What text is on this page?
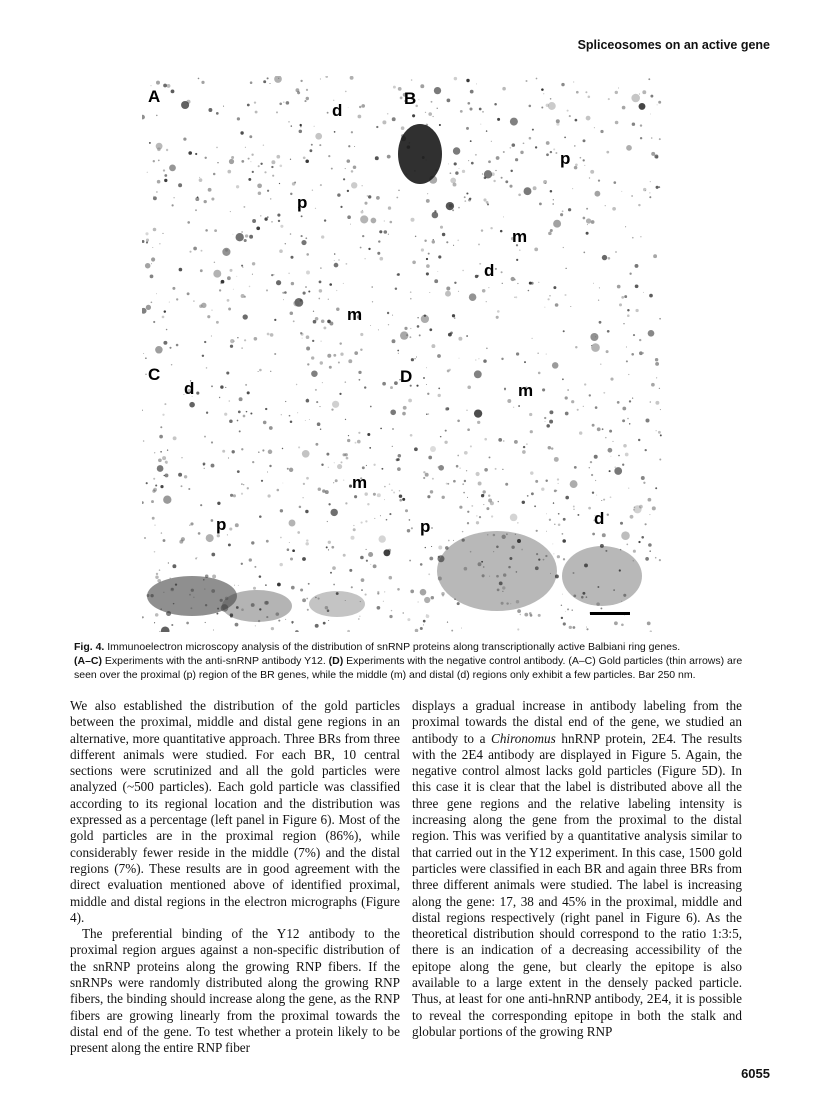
Spliceosomes on an active gene
A	B
C	D
d
p
m
p
m
d
d
m
p
m
p	d
Fig. 4. Immunoelectron microscopy analysis of the distribution of snRNP proteins along transcriptionally active Balbiani ring genes.
(A–C) Experiments with the anti-snRNP antibody Y12. (D) Experiments with the negative control antibody. (A–C) Gold particles (thin arrows) are seen over the proximal (p) region of the BR genes, while the middle (m) and distal (d) regions only exhibit a few particles. Bar 250 nm.

We also established the distribution of the gold particles between the proximal, middle and distal gene regions in an alternative, more quantitative approach. Three BRs from three different animals were studied. For each BR, 10 central sections were scrutinized and all the gold particles were analyzed (~500 particles). Each gold particle was classified according to its regional location and the distribution was expressed as a percentage (left panel in Figure 6). Most of the gold particles are in the proximal region (86%), while considerably fewer reside in the middle (7%) and the distal regions (7%). These results are in good agreement with the direct evaluation mentioned above of identified proximal, middle and distal regions in the electron micrographs (Figure 4).

The preferential binding of the Y12 antibody to the proximal region argues against a non-specific distribution of the snRNP proteins along the growing RNP fibers. If the snRNPs were randomly distributed along the growing RNP fibers, the binding should increase along the gene, as the RNP fibers are growing linearly from the proximal towards the distal end of the gene. To test whether a protein likely to be present along the entire RNP fiber

displays a gradual increase in antibody labeling from the proximal towards the distal end of the gene, we studied an antibody to a Chironomus hnRNP protein, 2E4. The results with the 2E4 antibody are displayed in Figure 5. Again, the negative control almost lacks gold particles (Figure 5D). In this case it is clear that the label is distributed above all the three gene regions and the relative labeling intensity is increasing along the gene from the proximal to the distal region. This was verified by a quantitative analysis similar to that carried out in the Y12 experiment. In this case, 1500 gold particles were classified in each BR and again three BRs from three different animals were studied. The label is increasing along the gene: 17, 38 and 45% in the proximal, middle and distal regions respectively (right panel in Figure 6). As the theoretical distribution should correspond to the ratio 1:3:5, there is an indication of a decreasing accessibility of the epitope along the gene, but clearly the epitope is also available to a large extent in the densely packed particle. Thus, at least for one anti-hnRNP antibody, 2E4, it is possible to reveal the corresponding epitope in both the stalk and globular portions of the growing RNP

6055
